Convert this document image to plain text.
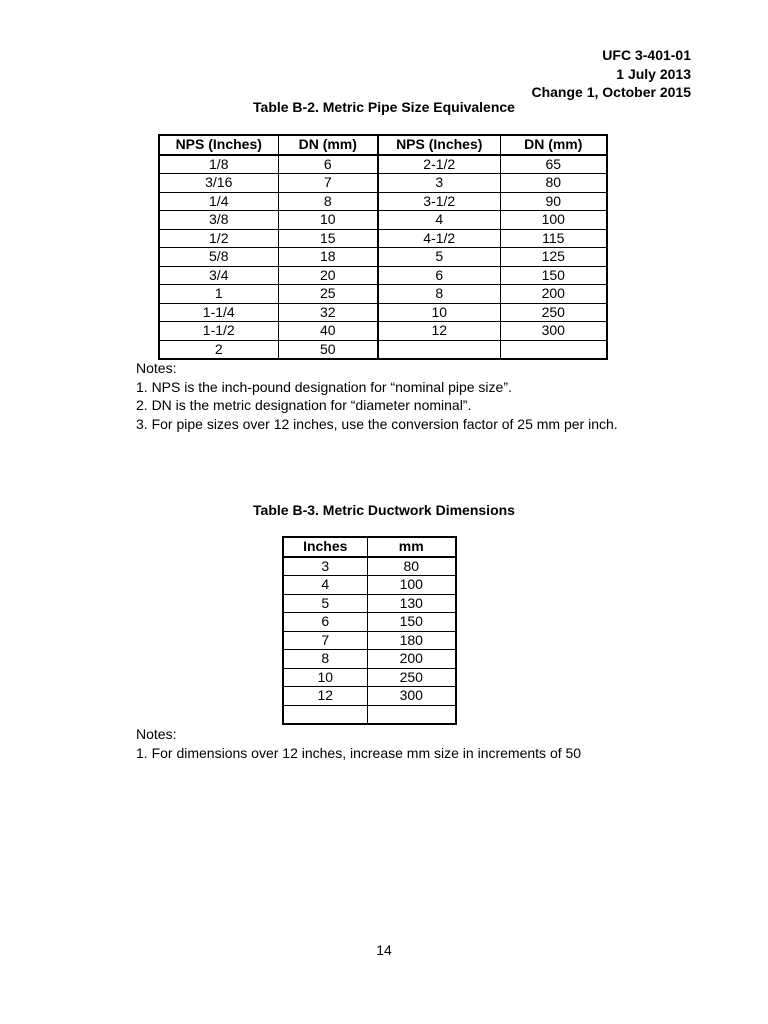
UFC 3-401-01
1 July 2013
Change 1, October 2015
Table B-2. Metric Pipe Size Equivalence
NPS (Inches)	DN (mm)	NPS (Inches)	DN (mm)
1/8	6	2-1/2	65
3/16	7	3	80
1/4	8	3-1/2	90
3/8	10	4	100
1/2	15	4-1/2	115
5/8	18	5	125
3/4	20	6	150
1	25	8	200
1-1/4	32	10	250
1-1/2	40	12	300
2	50		
Notes:
1. NPS is the inch-pound designation for “nominal pipe size”.
2. DN is the metric designation for “diameter nominal”.
3. For pipe sizes over 12 inches, use the conversion factor of 25 mm per inch.
Table B-3. Metric Ductwork Dimensions
Inches	mm
3	80
4	100
5	130
6	150
7	180
8	200
10	250
12	300

Notes:
1. For dimensions over 12 inches, increase mm size in increments of 50
14
